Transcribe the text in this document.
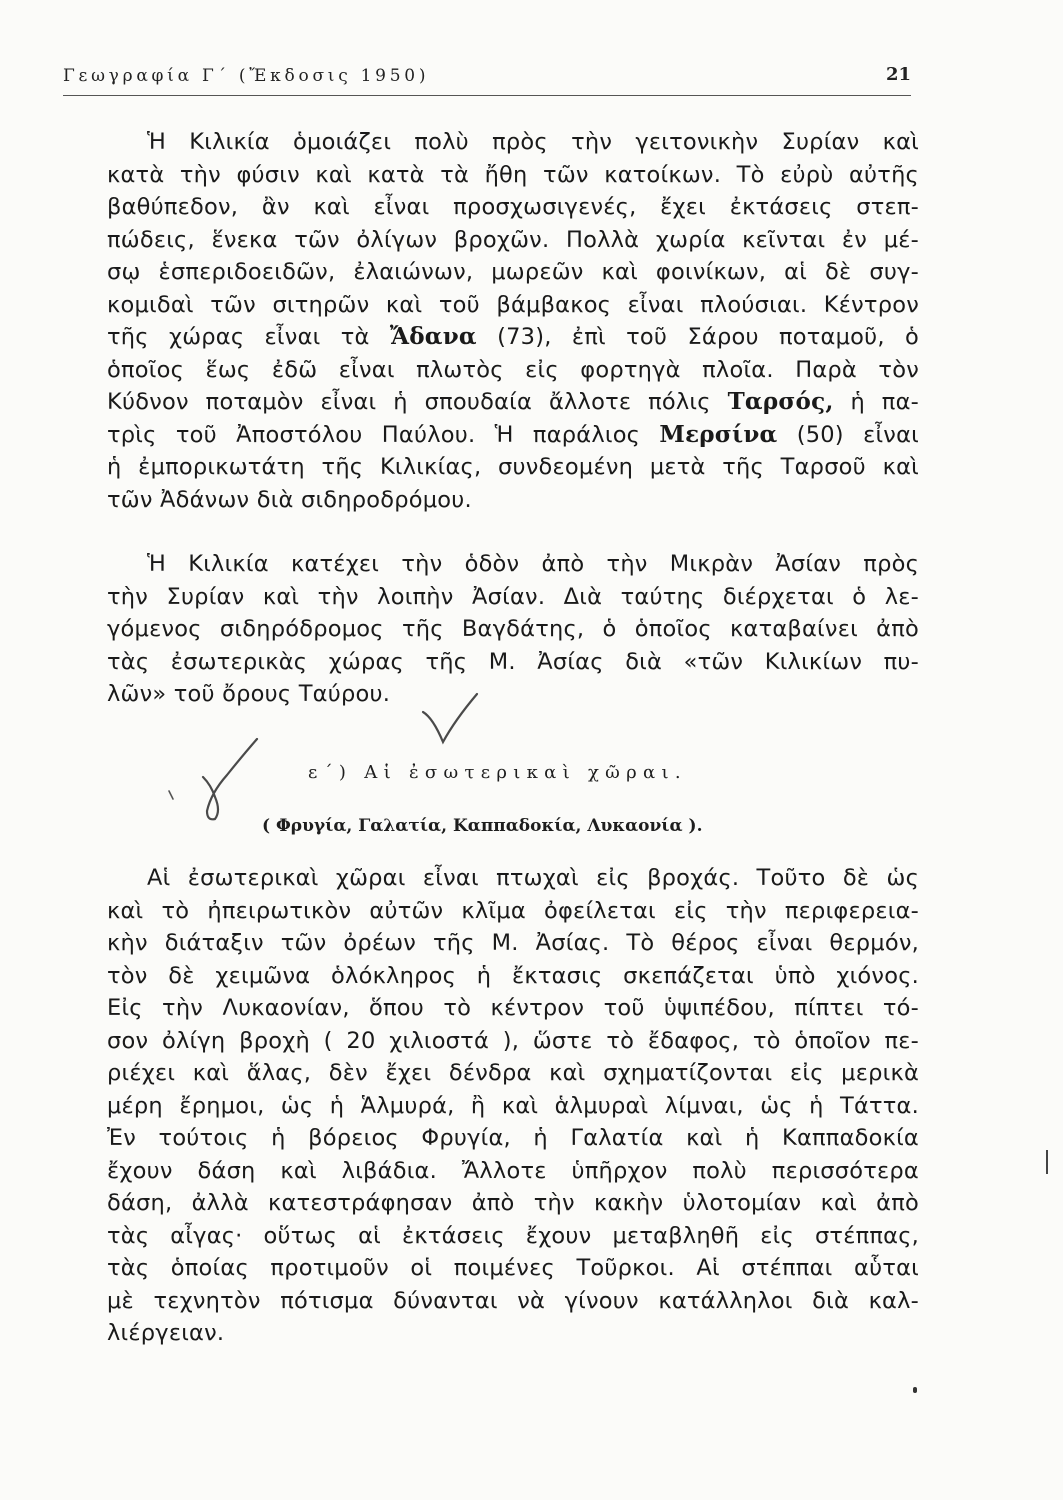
Γεωγραφία Γ΄ (Ἔκδοσις 1950)	21
Ἡ Κιλικία ὁμοιάζει πολὺ πρὸς τὴν γειτονικὴν Συρίαν καὶ
κατὰ τὴν φύσιν καὶ κατὰ τὰ ἤθη τῶν κατοίκων. Τὸ εὐρὺ αὐτῆς
βαθύπεδον, ἂν καὶ εἶναι προσχωσιγενές, ἔχει ἐκτάσεις στεπ-
πώδεις, ἕνεκα τῶν ὀλίγων βροχῶν. Πολλὰ χωρία κεῖνται ἐν μέ-
σῳ ἑσπεριδοειδῶν, ἐλαιώνων, μωρεῶν καὶ φοινίκων, αἱ δὲ συγ-
κομιδαὶ τῶν σιτηρῶν καὶ τοῦ βάμβακος εἶναι πλούσιαι. Κέντρον
τῆς χώρας εἶναι τὰ Ἄδανα (73), ἐπὶ τοῦ Σάρου ποταμοῦ, ὁ
ὁποῖος ἕως ἐδῶ εἶναι πλωτὸς εἰς φορτηγὰ πλοῖα. Παρὰ τὸν
Κύδνον ποταμὸν εἶναι ἡ σπουδαία ἄλλοτε πόλις Ταρσός, ἡ πα-
τρὶς τοῦ Ἀποστόλου Παύλου. Ἡ παράλιος Μερσίνα (50) εἶναι
ἡ ἐμπορικωτάτη τῆς Κιλικίας, συνδεομένη μετὰ τῆς Ταρσοῦ καὶ
τῶν Ἀδάνων διὰ σιδηροδρόμου.
Ἡ Κιλικία κατέχει τὴν ὁδὸν ἀπὸ τὴν Μικρὰν Ἀσίαν πρὸς
τὴν Συρίαν καὶ τὴν λοιπὴν Ἀσίαν. Διὰ ταύτης διέρχεται ὁ λε-
γόμενος σιδηρόδρομος τῆς Βαγδάτης, ὁ ὁποῖος καταβαίνει ἀπὸ
τὰς ἐσωτερικὰς χώρας τῆς Μ. Ἀσίας διὰ «τῶν Κιλικίων πυ-
λῶν» τοῦ ὄρους Ταύρου.
ε΄) Αἱ ἐσωτερικαὶ χῶραι.
( Φρυγία, Γαλατία, Καππαδοκία, Λυκαονία ).
Αἱ ἐσωτερικαὶ χῶραι εἶναι πτωχαὶ εἰς βροχάς. Τοῦτο δὲ ὡς
καὶ τὸ ἠπειρωτικὸν αὐτῶν κλῖμα ὀφείλεται εἰς τὴν περιφερεια-
κὴν διάταξιν τῶν ὀρέων τῆς Μ. Ἀσίας. Τὸ θέρος εἶναι θερμόν,
τὸν δὲ χειμῶνα ὁλόκληρος ἡ ἔκτασις σκεπάζεται ὑπὸ χιόνος.
Εἰς τὴν Λυκαονίαν, ὅπου τὸ κέντρον τοῦ ὑψιπέδου, πίπτει τό-
σον ὀλίγη βροχὴ ( 20 χιλιοστά ), ὥστε τὸ ἔδαφος, τὸ ὁποῖον πε-
ριέχει καὶ ἅλας, δὲν ἔχει δένδρα καὶ σχηματίζονται εἰς μερικὰ
μέρη ἔρημοι, ὡς ἡ Ἁλμυρά, ἢ καὶ ἁλμυραὶ λίμναι, ὡς ἡ Τάττα.
Ἐν τούτοις ἡ βόρειος Φρυγία, ἡ Γαλατία καὶ ἡ Καππαδοκία
ἔχουν δάση καὶ λιβάδια. Ἄλλοτε ὑπῆρχον πολὺ περισσότερα
δάση, ἀλλὰ κατεστράφησαν ἀπὸ τὴν κακὴν ὑλοτομίαν καὶ ἀπὸ
τὰς αἶγας· οὕτως αἱ ἐκτάσεις ἔχουν μεταβληθῆ εἰς στέππας,
τὰς ὁποίας προτιμοῦν οἱ ποιμένες Τοῦρκοι. Αἱ στέππαι αὗται
μὲ τεχνητὸν πότισμα δύνανται νὰ γίνουν κατάλληλοι διὰ καλ-
λιέργειαν.
